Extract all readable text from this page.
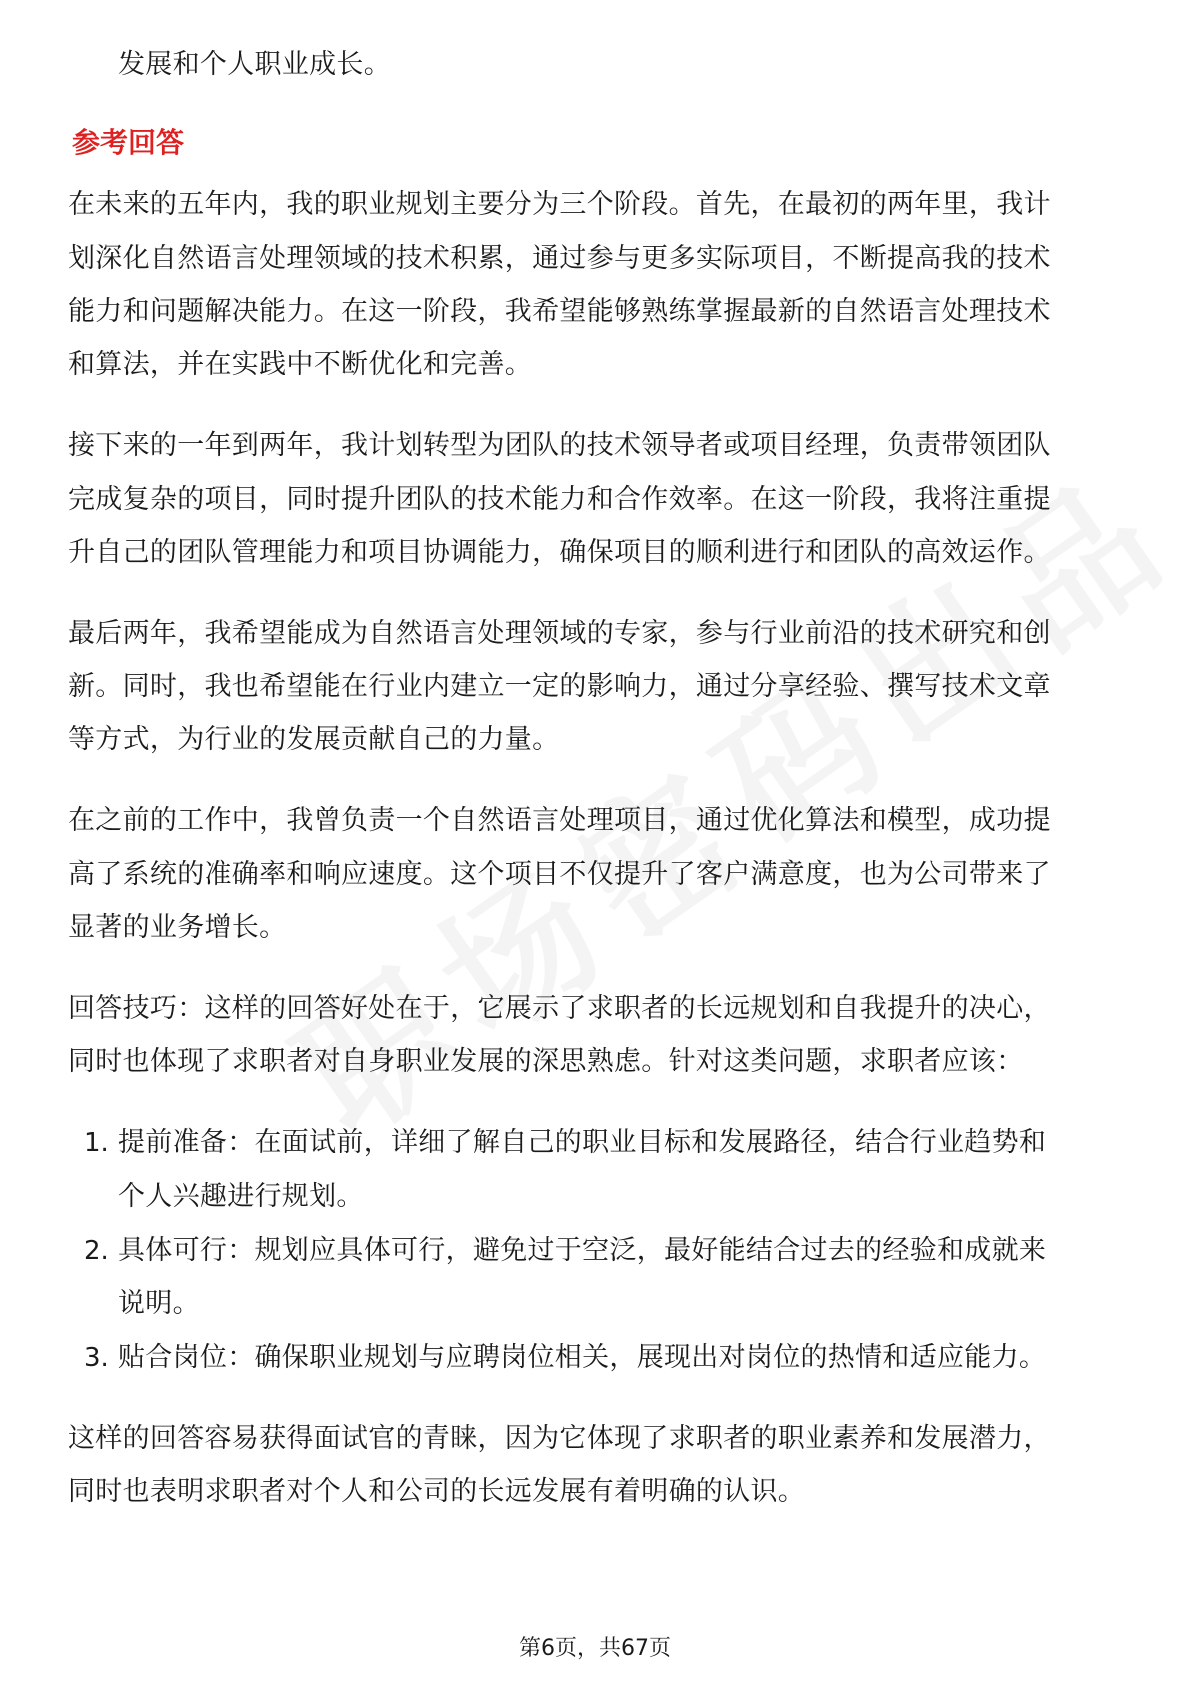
发展和个人职业成长。
参考回答
在未来的五年内，我的职业规划主要分为三个阶段。首先，在最初的两年里，我计
划深化自然语言处理领域的技术积累，通过参与更多实际项目，不断提高我的技术
能力和问题解决能力。在这一阶段，我希望能够熟练掌握最新的自然语言处理技术
和算法，并在实践中不断优化和完善。
接下来的一年到两年，我计划转型为团队的技术领导者或项目经理，负责带领团队
完成复杂的项目，同时提升团队的技术能力和合作效率。在这一阶段，我将注重提
升自己的团队管理能力和项目协调能力，确保项目的顺利进行和团队的高效运作。
最后两年，我希望能成为自然语言处理领域的专家，参与行业前沿的技术研究和创
新。同时，我也希望能在行业内建立一定的影响力，通过分享经验、撰写技术文章
等方式，为行业的发展贡献自己的力量。
在之前的工作中，我曾负责一个自然语言处理项目，通过优化算法和模型，成功提
高了系统的准确率和响应速度。这个项目不仅提升了客户满意度，也为公司带来了
显著的业务增长。
回答技巧：这样的回答好处在于，它展示了求职者的长远规划和自我提升的决心，
同时也体现了求职者对自身职业发展的深思熟虑。针对这类问题，求职者应该：
1. 提前准备：在面试前，详细了解自己的职业目标和发展路径，结合行业趋势和
个人兴趣进行规划。
2. 具体可行：规划应具体可行，避免过于空泛，最好能结合过去的经验和成就来
说明。
3. 贴合岗位：确保职业规划与应聘岗位相关，展现出对岗位的热情和适应能力。
这样的回答容易获得面试官的青睐，因为它体现了求职者的职业素养和发展潜力，
同时也表明求职者对个人和公司的长远发展有着明确的认识。
第6页，共67页
